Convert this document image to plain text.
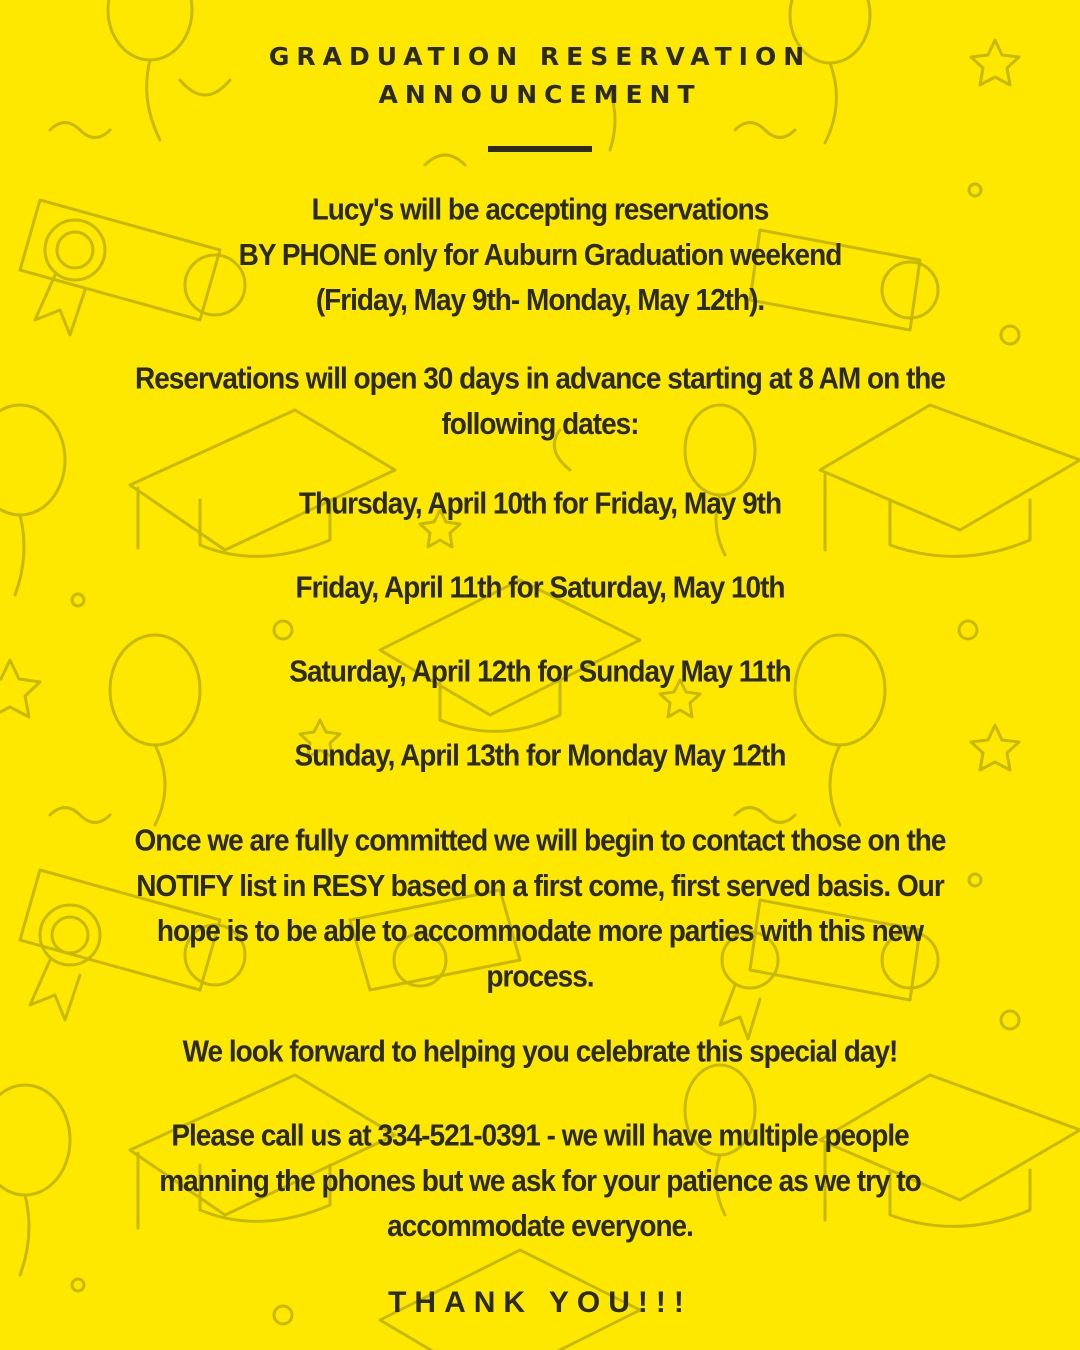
GRADUATION RESERVATION
ANNOUNCEMENT
Lucy's will be accepting reservations
BY PHONE only for Auburn Graduation weekend
(Friday, May 9th- Monday, May 12th).
Reservations will open 30 days in advance starting at 8 AM on the
following dates:
Thursday, April 10th for Friday, May 9th
Friday, April 11th for Saturday, May 10th
Saturday, April 12th for Sunday May 11th
Sunday, April 13th for Monday May 12th
Once we are fully committed we will begin to contact those on the
NOTIFY list in RESY based on a first come, first served basis. Our
hope is to be able to accommodate more parties with this new
process.
We look forward to helping you celebrate this special day!
Please call us at 334-521-0391 - we will have multiple people
manning the phones but we ask for your patience as we try to
accommodate everyone.
THANK YOU!!!
